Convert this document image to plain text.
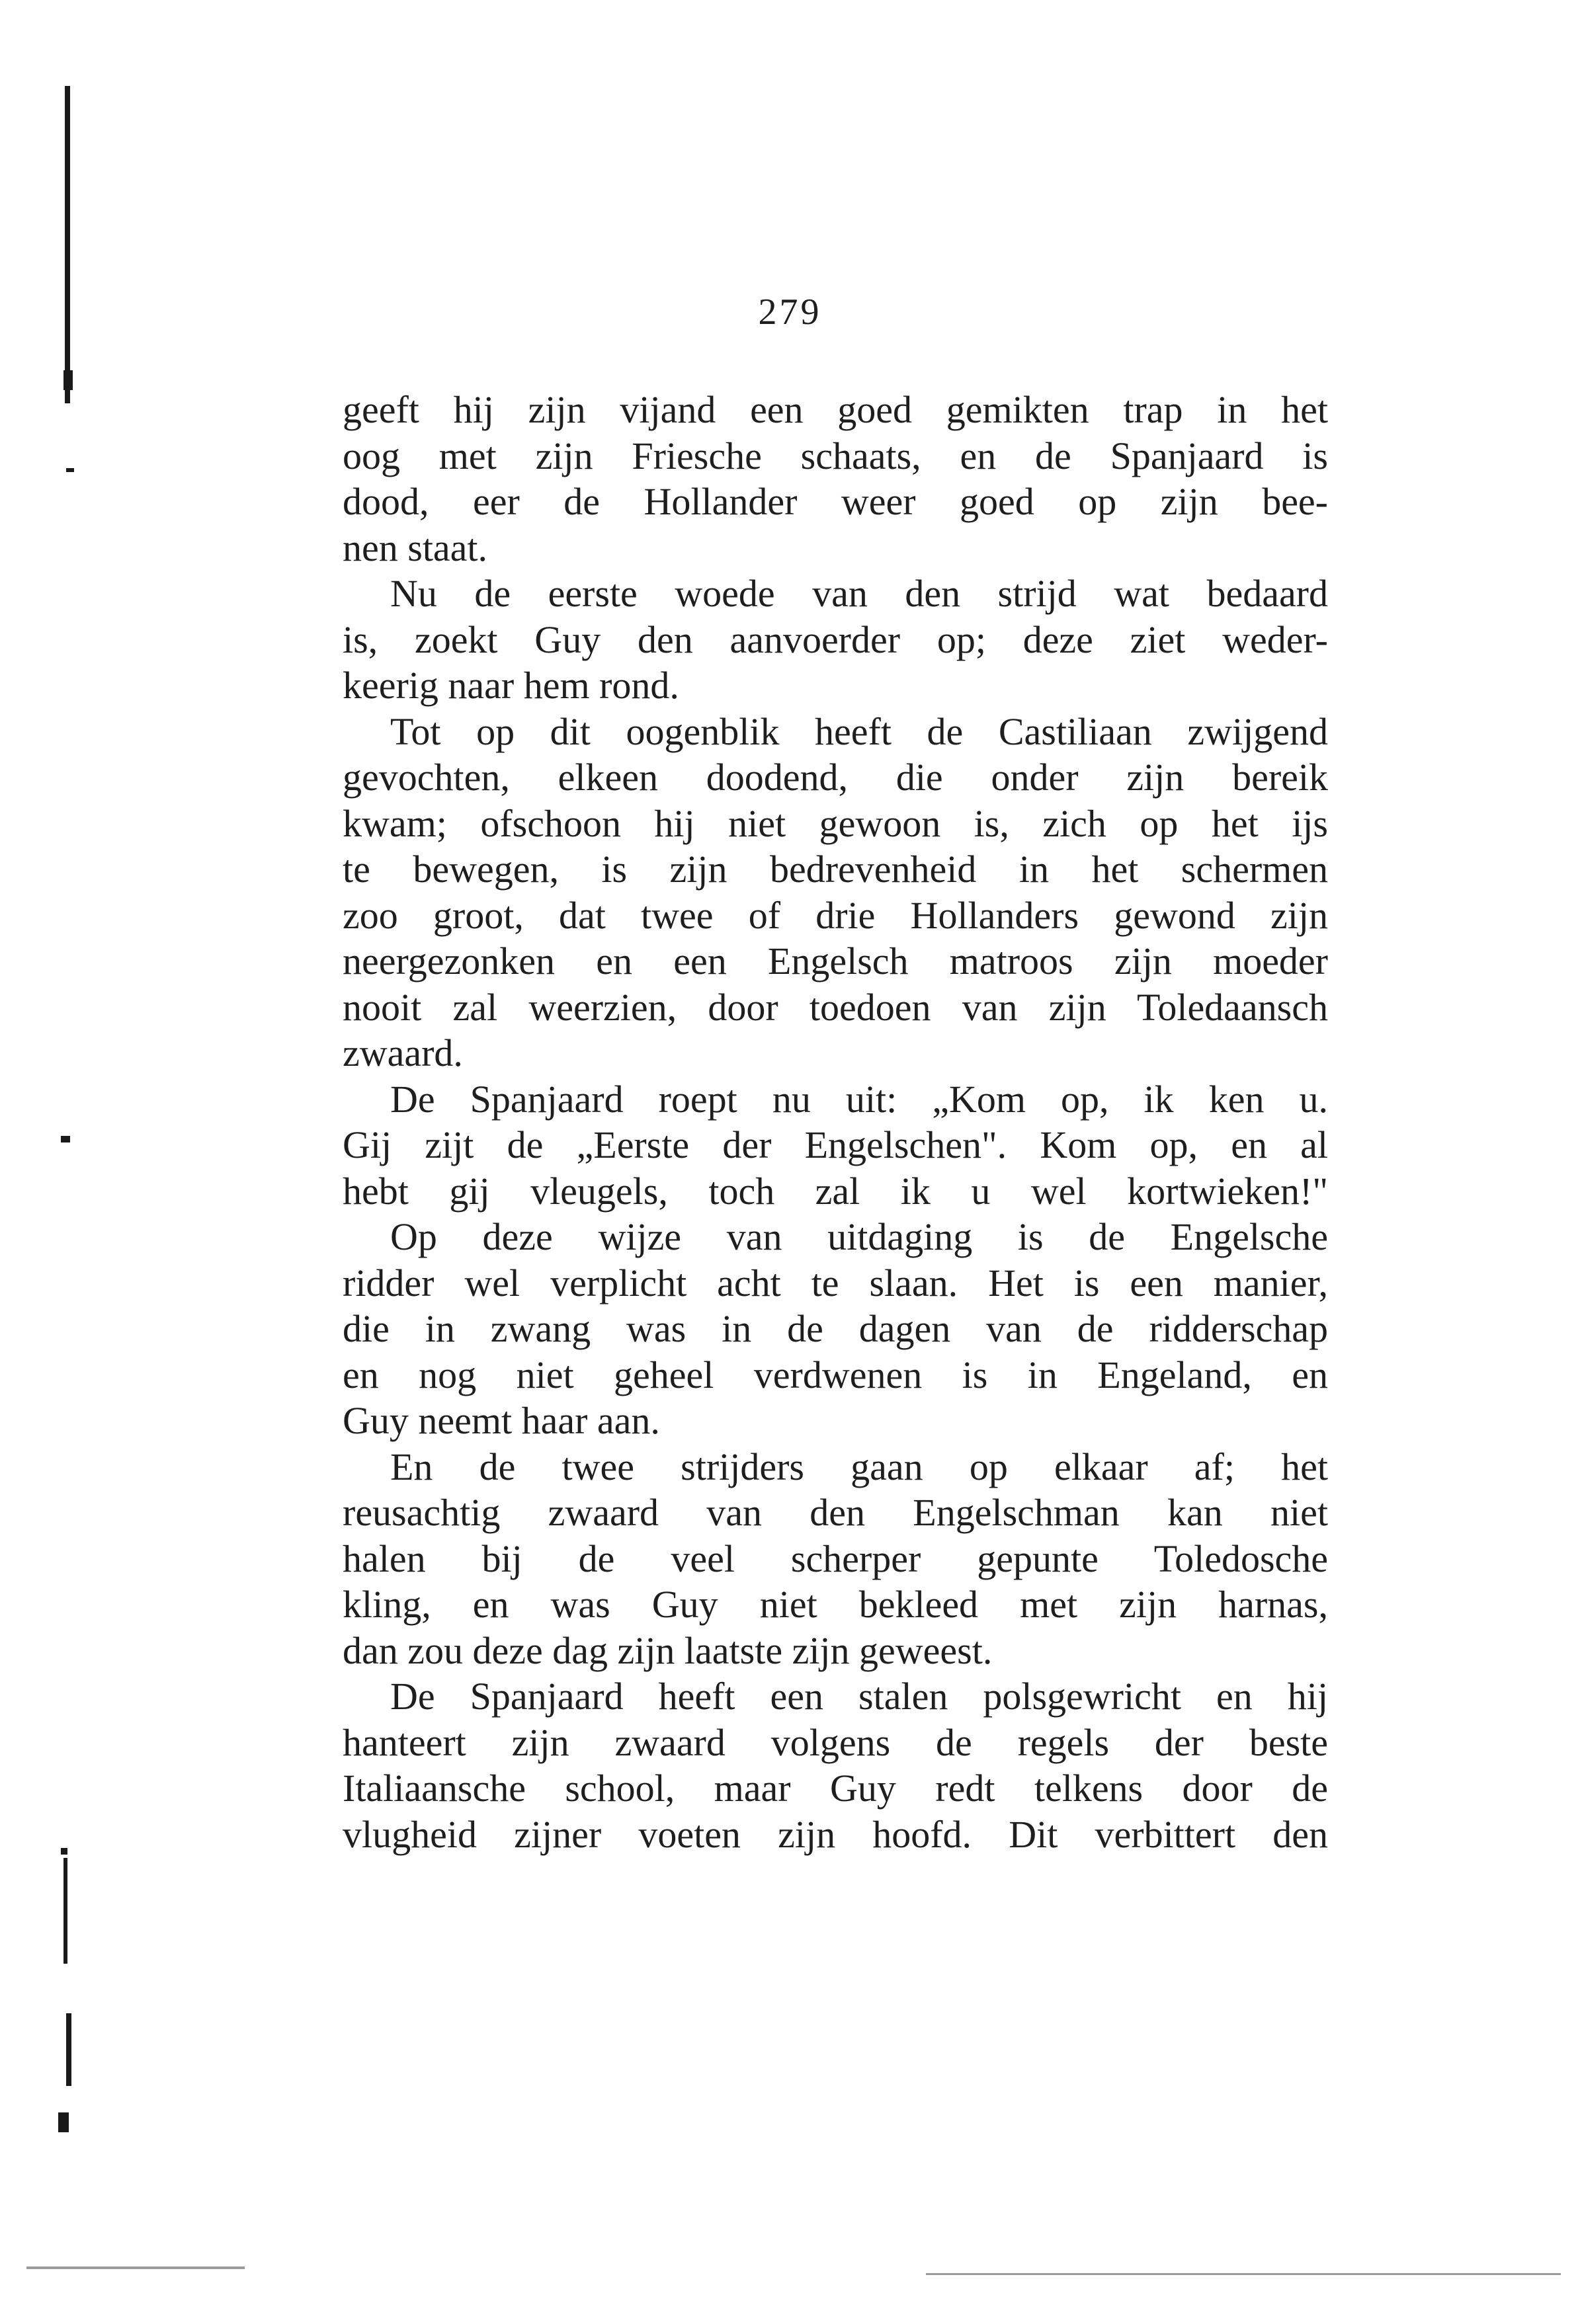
279
geeft hij zijn vijand een goed gemikten trap in het
oog met zijn Friesche schaats, en de Spanjaard is
dood, eer de Hollander weer goed op zijn bee-
nen staat.
Nu de eerste woede van den strijd wat bedaard
is, zoekt Guy den aanvoerder op; deze ziet weder-
keerig naar hem rond.
Tot op dit oogenblik heeft de Castiliaan zwijgend
gevochten, elkeen doodend, die onder zijn bereik
kwam; ofschoon hij niet gewoon is, zich op het ijs
te bewegen, is zijn bedrevenheid in het schermen
zoo groot, dat twee of drie Hollanders gewond zijn
neergezonken en een Engelsch matroos zijn moeder
nooit zal weerzien, door toedoen van zijn Toledaansch
zwaard.
De Spanjaard roept nu uit: „Kom op, ik ken u.
Gij zijt de „Eerste der Engelschen". Kom op, en al
hebt gij vleugels, toch zal ik u wel kortwieken!"
Op deze wijze van uitdaging is de Engelsche
ridder wel verplicht acht te slaan. Het is een manier,
die in zwang was in de dagen van de ridderschap
en nog niet geheel verdwenen is in Engeland, en
Guy neemt haar aan.
En de twee strijders gaan op elkaar af; het
reusachtig zwaard van den Engelschman kan niet
halen bij de veel scherper gepunte Toledosche
kling, en was Guy niet bekleed met zijn harnas,
dan zou deze dag zijn laatste zijn geweest.
De Spanjaard heeft een stalen polsgewricht en hij
hanteert zijn zwaard volgens de regels der beste
Italiaansche school, maar Guy redt telkens door de
vlugheid zijner voeten zijn hoofd. Dit verbittert den
